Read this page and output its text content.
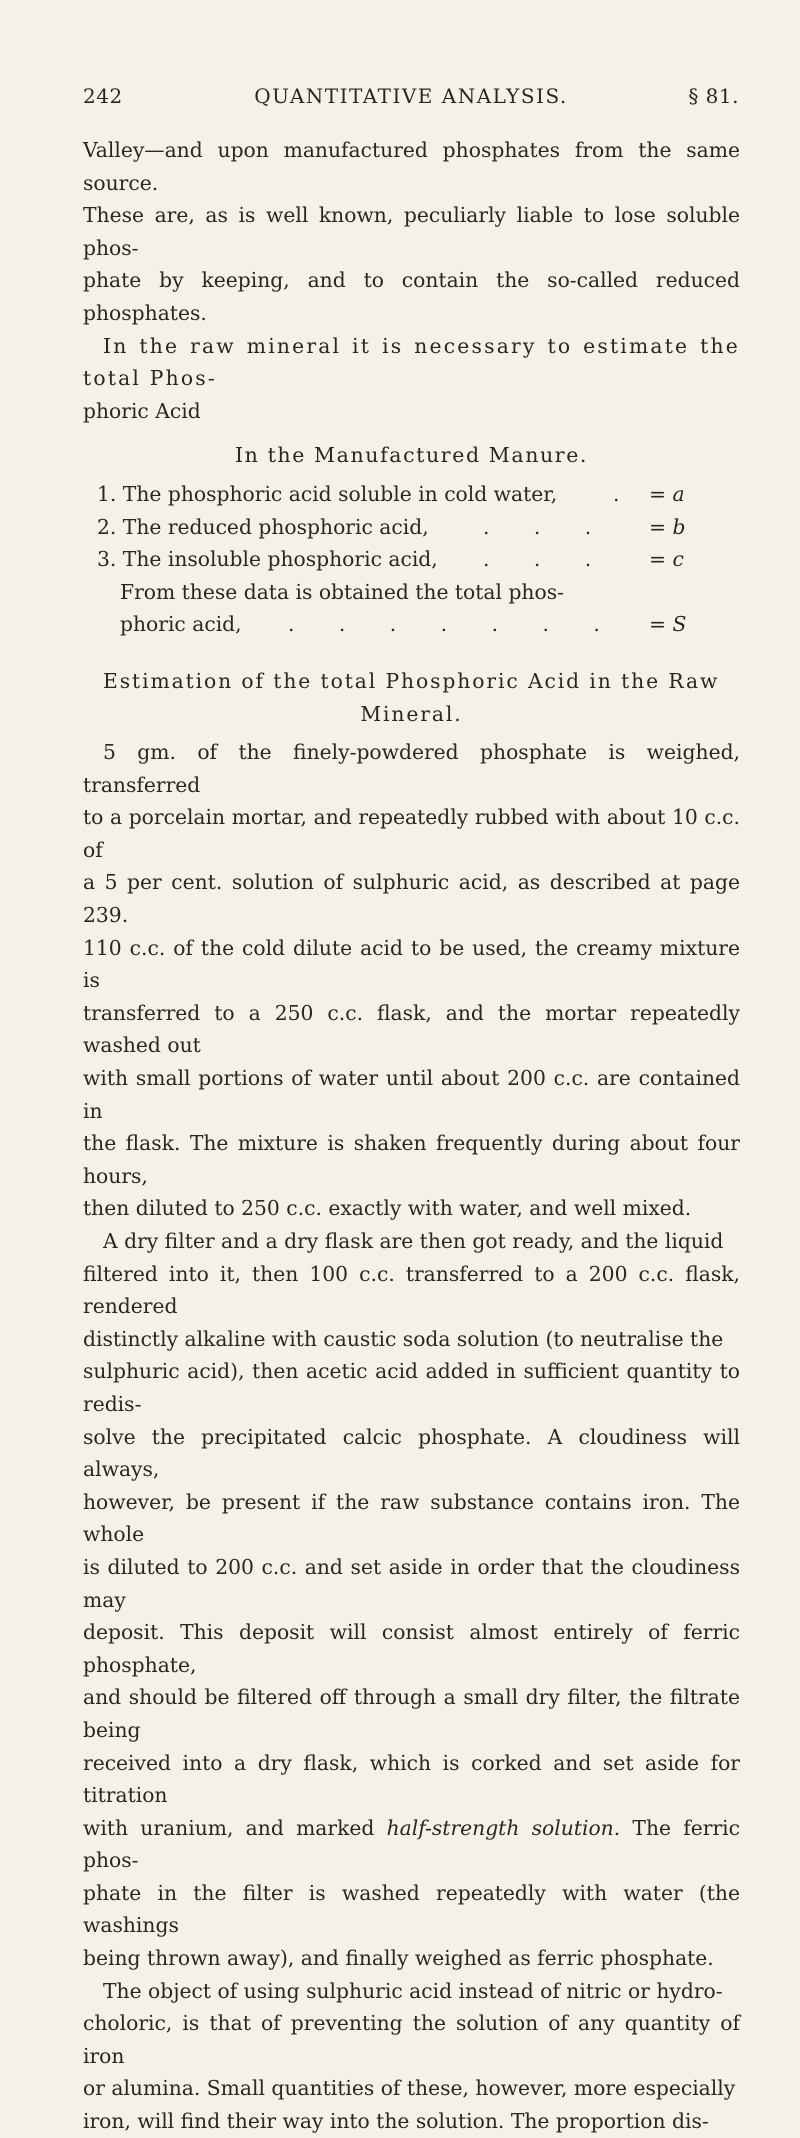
242	QUANTITATIVE ANALYSIS.	§ 81.
Valley—and upon manufactured phosphates from the same source.
These are, as is well known, peculiarly liable to lose soluble phos-
phate by keeping, and to contain the so-called reduced phosphates.
In the raw mineral it is necessary to estimate the total Phos-
phoric Acid
In the Manufactured Manure.
1. The phosphoric acid soluble in cold water,	. = a
2. The reduced phosphoric acid,	. . . = b
3. The insoluble phosphoric acid, . . . = c
From these data is obtained the total phos-
phoric acid, . . . . . . . = S
Estimation of the total Phosphoric Acid in the Raw
Mineral.
5 gm. of the finely-powdered phosphate is weighed, transferred
to a porcelain mortar, and repeatedly rubbed with about 10 c.c. of
a 5 per cent. solution of sulphuric acid, as described at page 239.
110 c.c. of the cold dilute acid to be used, the creamy mixture is
transferred to a 250 c.c. flask, and the mortar repeatedly washed out
with small portions of water until about 200 c.c. are contained in
the flask. The mixture is shaken frequently during about four hours,
then diluted to 250 c.c. exactly with water, and well mixed.
A dry filter and a dry flask are then got ready, and the liquid
filtered into it, then 100 c.c. transferred to a 200 c.c. flask, rendered
distinctly alkaline with caustic soda solution (to neutralise the
sulphuric acid), then acetic acid added in sufficient quantity to redis-
solve the precipitated calcic phosphate. A cloudiness will always,
however, be present if the raw substance contains iron. The whole
is diluted to 200 c.c. and set aside in order that the cloudiness may
deposit. This deposit will consist almost entirely of ferric phosphate,
and should be filtered off through a small dry filter, the filtrate being
received into a dry flask, which is corked and set aside for titration
with uranium, and marked half-strength solution. The ferric phos-
phate in the filter is washed repeatedly with water (the washings
being thrown away), and finally weighed as ferric phosphate.
The object of using sulphuric acid instead of nitric or hydro-
choloric, is that of preventing the solution of any quantity of iron
or alumina. Small quantities of these, however, more especially
iron, will find their way into the solution. The proportion dis-
